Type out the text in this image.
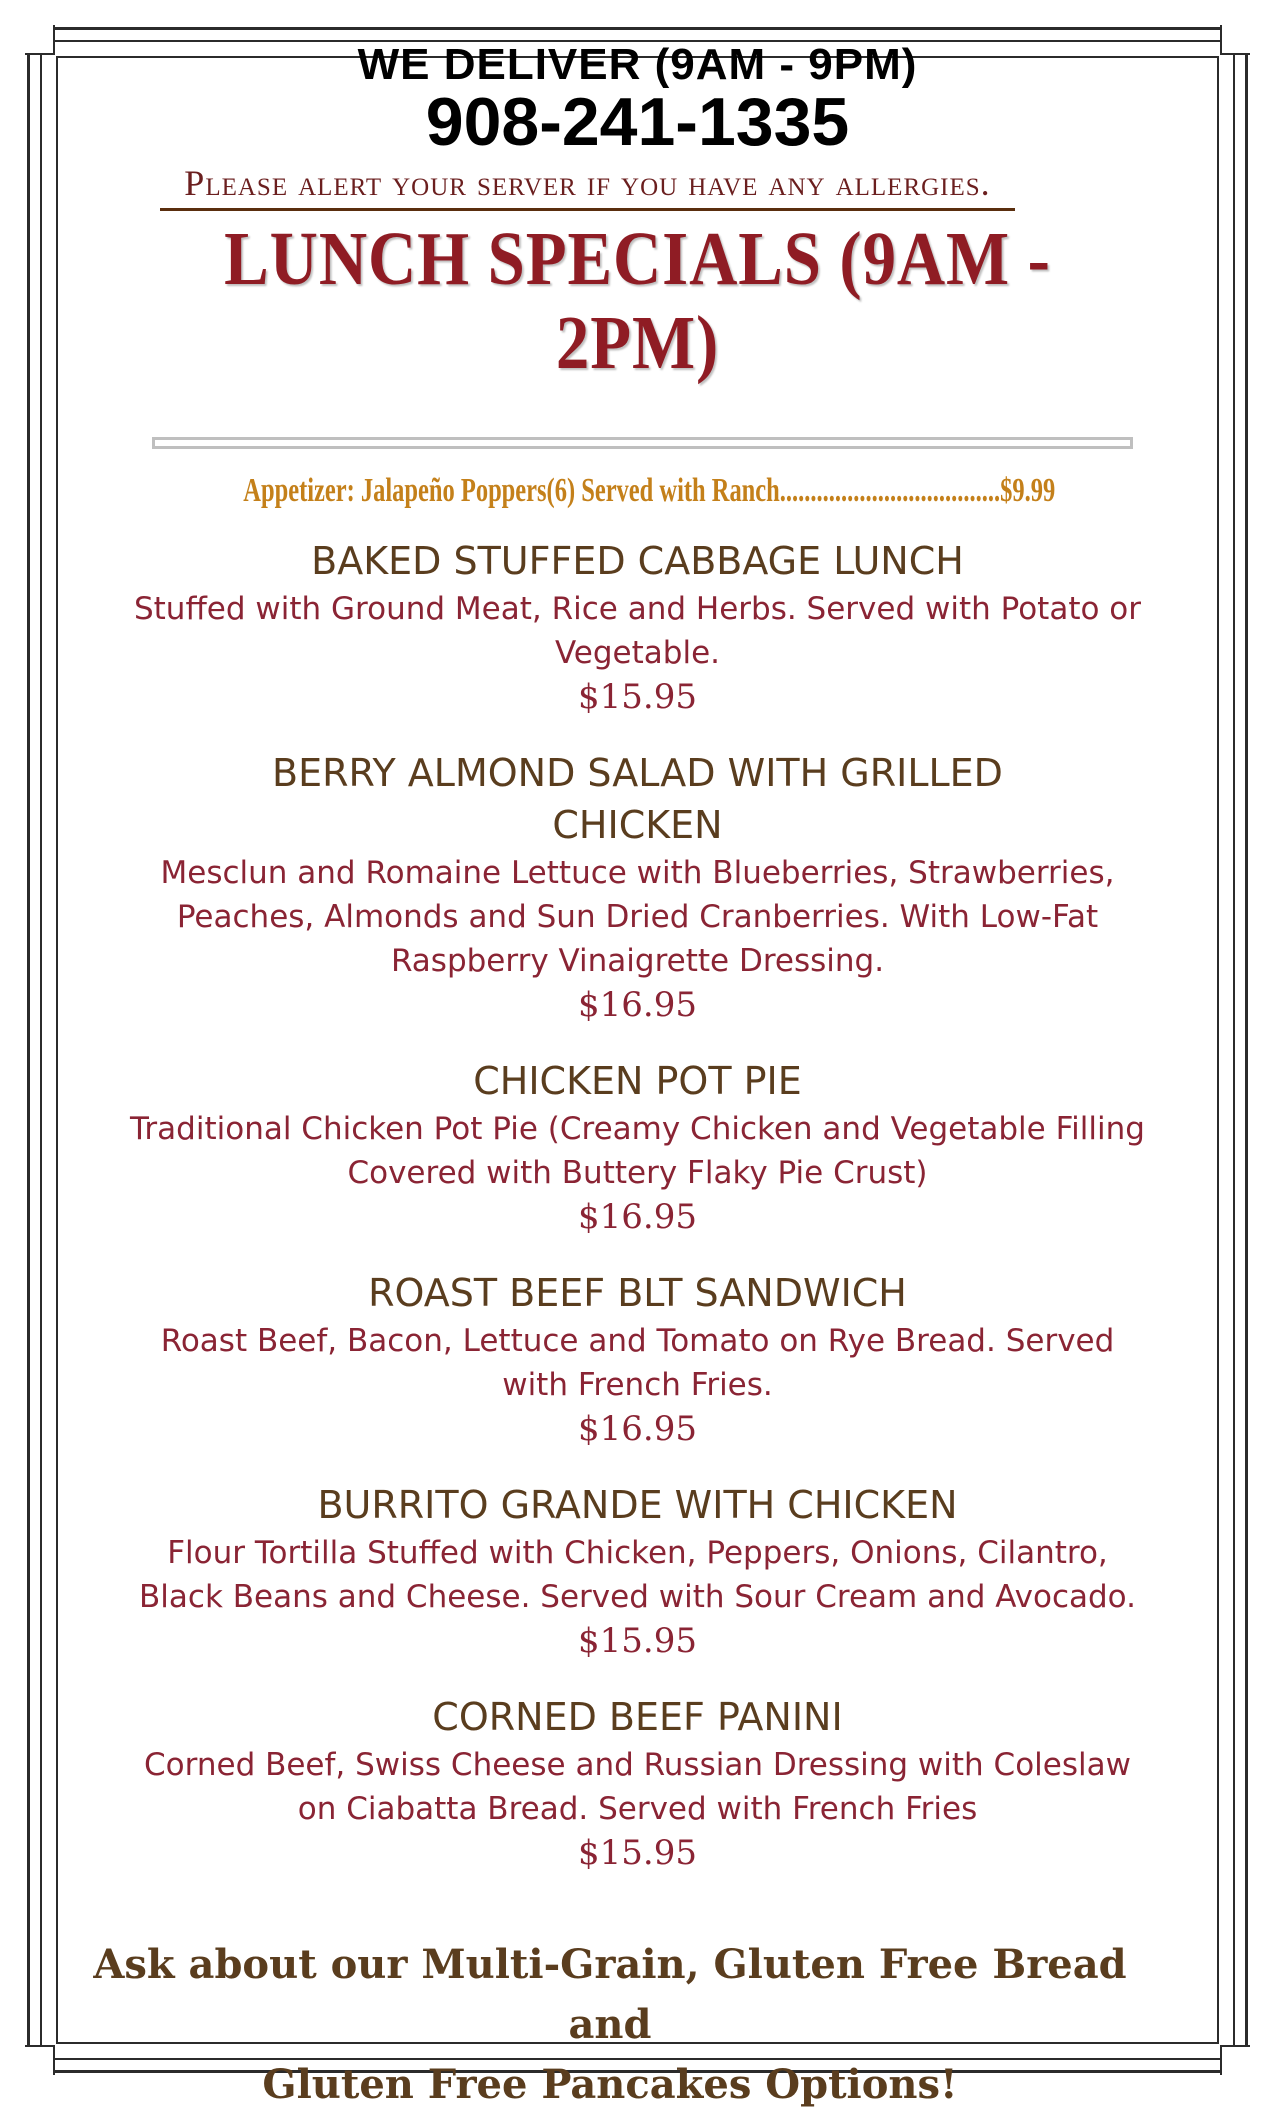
WE DELIVER (9AM - 9PM)
908-241-1335
Please alert your server if you have any allergies.
LUNCH SPECIALS (9AM - 2PM)
Appetizer: Jalapeño Poppers(6) Served with Ranch....................................$9.99
BAKED STUFFED CABBAGE LUNCH
Stuffed with Ground Meat, Rice and Herbs. Served with Potato or Vegetable.
$15.95
BERRY ALMOND SALAD WITH GRILLED CHICKEN
Mesclun and Romaine Lettuce with Blueberries, Strawberries, Peaches, Almonds and Sun Dried Cranberries. With Low-Fat Raspberry Vinaigrette Dressing.
$16.95
CHICKEN POT PIE
Traditional Chicken Pot Pie (Creamy Chicken and Vegetable Filling Covered with Buttery Flaky Pie Crust)
$16.95
ROAST BEEF BLT SANDWICH
Roast Beef, Bacon, Lettuce and Tomato on Rye Bread. Served with French Fries.
$16.95
BURRITO GRANDE WITH CHICKEN
Flour Tortilla Stuffed with Chicken, Peppers, Onions, Cilantro, Black Beans and Cheese. Served with Sour Cream and Avocado.
$15.95
CORNED BEEF PANINI
Corned Beef, Swiss Cheese and Russian Dressing with Coleslaw on Ciabatta Bread. Served with French Fries
$15.95
Ask about our Multi-Grain, Gluten Free Bread and
Gluten Free Pancakes Options!
